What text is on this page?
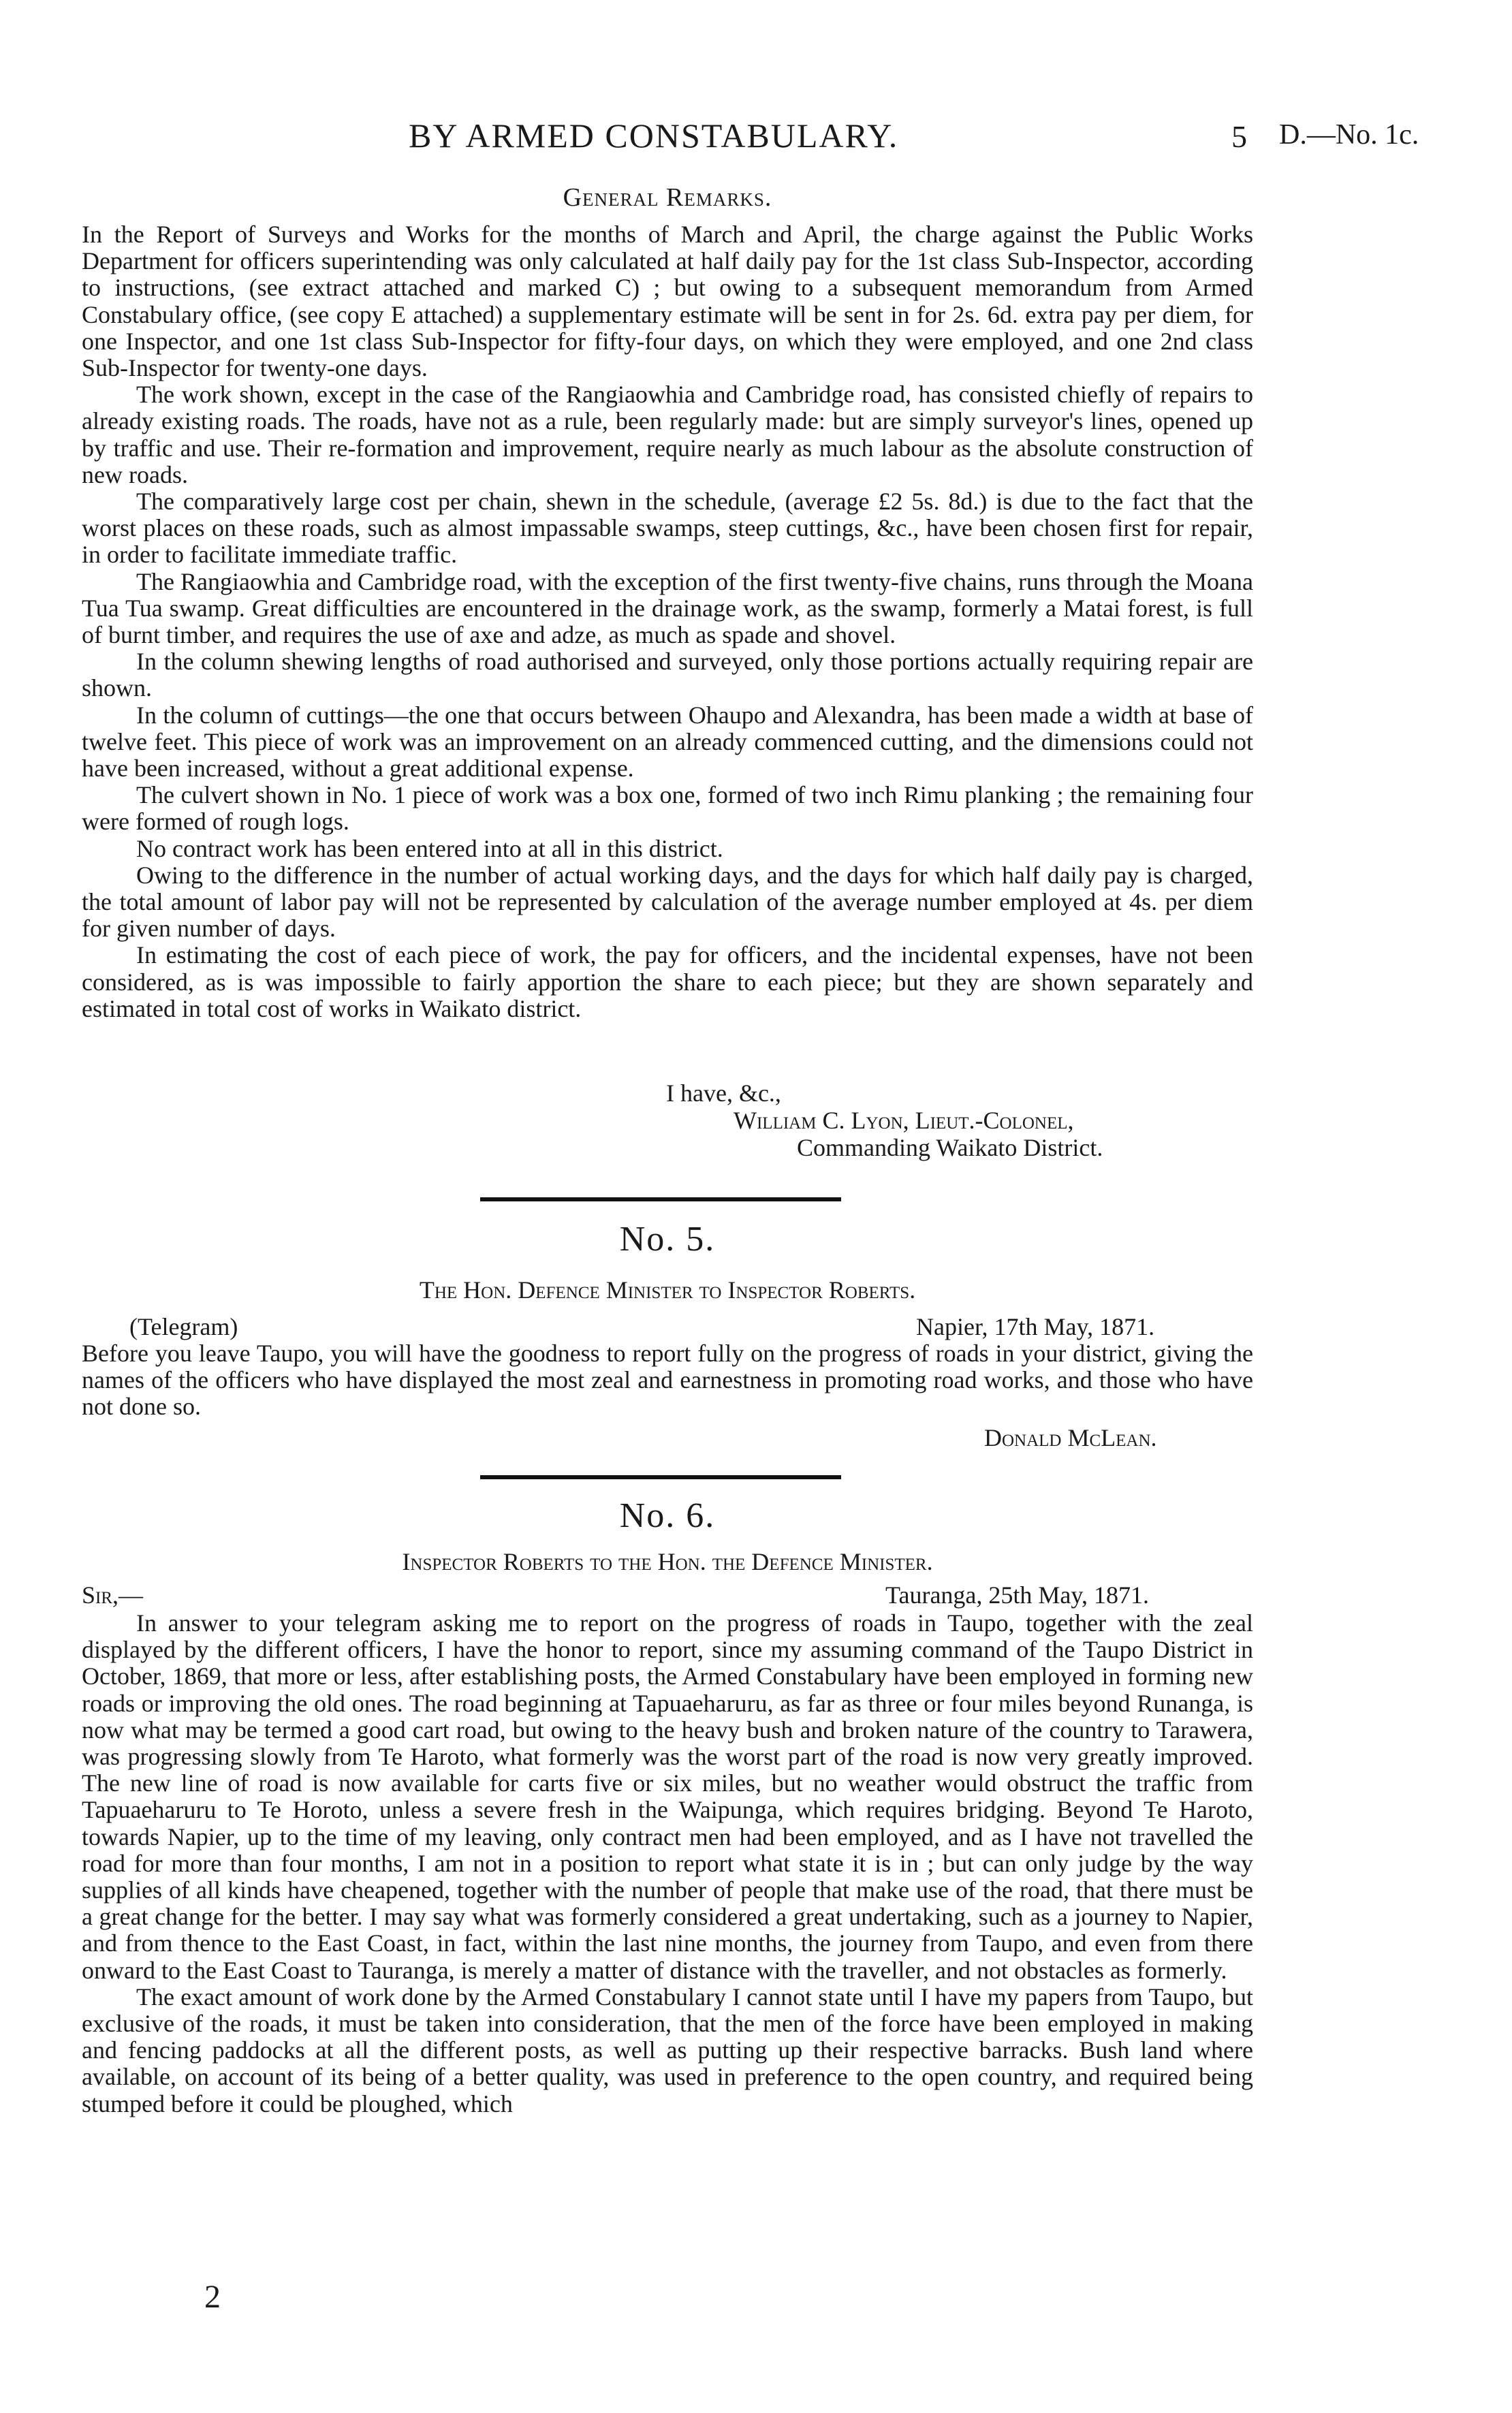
BY ARMED CONSTABULARY.	5 D.—No. 1c.
General Remarks.

In the Report of Surveys and Works for the months of March and April, the charge against the Public Works Department for officers superintending was only calculated at half daily pay for the 1st class Sub-Inspector, according to instructions, (see extract attached and marked C) ; but owing to a subsequent memorandum from Armed Constabulary office, (see copy E attached) a supplementary estimate will be sent in for 2s. 6d. extra pay per diem, for one Inspector, and one 1st class Sub-Inspector for fifty-four days, on which they were employed, and one 2nd class Sub-Inspector for twenty-one days.

The work shown, except in the case of the Rangiaowhia and Cambridge road, has consisted chiefly of repairs to already existing roads. The roads, have not as a rule, been regularly made: but are simply surveyor's lines, opened up by traffic and use. Their re-formation and improvement, require nearly as much labour as the absolute construction of new roads.

The comparatively large cost per chain, shewn in the schedule, (average £2 5s. 8d.) is due to the fact that the worst places on these roads, such as almost impassable swamps, steep cuttings, &c., have been chosen first for repair, in order to facilitate immediate traffic.

The Rangiaowhia and Cambridge road, with the exception of the first twenty-five chains, runs through the Moana Tua Tua swamp. Great difficulties are encountered in the drainage work, as the swamp, formerly a Matai forest, is full of burnt timber, and requires the use of axe and adze, as much as spade and shovel.

In the column shewing lengths of road authorised and surveyed, only those portions actually requiring repair are shown.

In the column of cuttings—the one that occurs between Ohaupo and Alexandra, has been made a width at base of twelve feet. This piece of work was an improvement on an already commenced cutting, and the dimensions could not have been increased, without a great additional expense.

The culvert shown in No. 1 piece of work was a box one, formed of two inch Rimu planking ; the remaining four were formed of rough logs.

No contract work has been entered into at all in this district.

Owing to the difference in the number of actual working days, and the days for which half daily pay is charged, the total amount of labor pay will not be represented by calculation of the average number employed at 4s. per diem for given number of days.

In estimating the cost of each piece of work, the pay for officers, and the incidental expenses, have not been considered, as is was impossible to fairly apportion the share to each piece; but they are shown separately and estimated in total cost of works in Waikato district.

I have, &c.,
William C. Lyon, Lieut.-Colonel,
Commanding Waikato District.
No. 5.
The Hon. Defence Minister to Inspector Roberts.
(Telegram)	Napier, 17th May, 1871.

Before you leave Taupo, you will have the goodness to report fully on the progress of roads in your district, giving the names of the officers who have displayed the most zeal and earnestness in promoting road works, and those who have not done so.

Donald McLean.
No. 6.
Inspector Roberts to the Hon. the Defence Minister.
Sir,—	Tauranga, 25th May, 1871.

In answer to your telegram asking me to report on the progress of roads in Taupo, together with the zeal displayed by the different officers, I have the honor to report, since my assuming command of the Taupo District in October, 1869, that more or less, after establishing posts, the Armed Constabulary have been employed in forming new roads or improving the old ones. The road beginning at Tapuaeharuru, as far as three or four miles beyond Runanga, is now what may be termed a good cart road, but owing to the heavy bush and broken nature of the country to Tarawera, was progressing slowly from Te Haroto, what formerly was the worst part of the road is now very greatly improved. The new line of road is now available for carts five or six miles, but no weather would obstruct the traffic from Tapuaeharuru to Te Horoto, unless a severe fresh in the Waipunga, which requires bridging. Beyond Te Haroto, towards Napier, up to the time of my leaving, only contract men had been employed, and as I have not travelled the road for more than four months, I am not in a position to report what state it is in ; but can only judge by the way supplies of all kinds have cheapened, together with the number of people that make use of the road, that there must be a great change for the better. I may say what was formerly considered a great undertaking, such as a journey to Napier, and from thence to the East Coast, in fact, within the last nine months, the journey from Taupo, and even from there onward to the East Coast to Tauranga, is merely a matter of distance with the traveller, and not obstacles as formerly.

The exact amount of work done by the Armed Constabulary I cannot state until I have my papers from Taupo, but exclusive of the roads, it must be taken into consideration, that the men of the force have been employed in making and fencing paddocks at all the different posts, as well as putting up their respective barracks. Bush land where available, on account of its being of a better quality, was used in preference to the open country, and required being stumped before it could be ploughed, which

2
